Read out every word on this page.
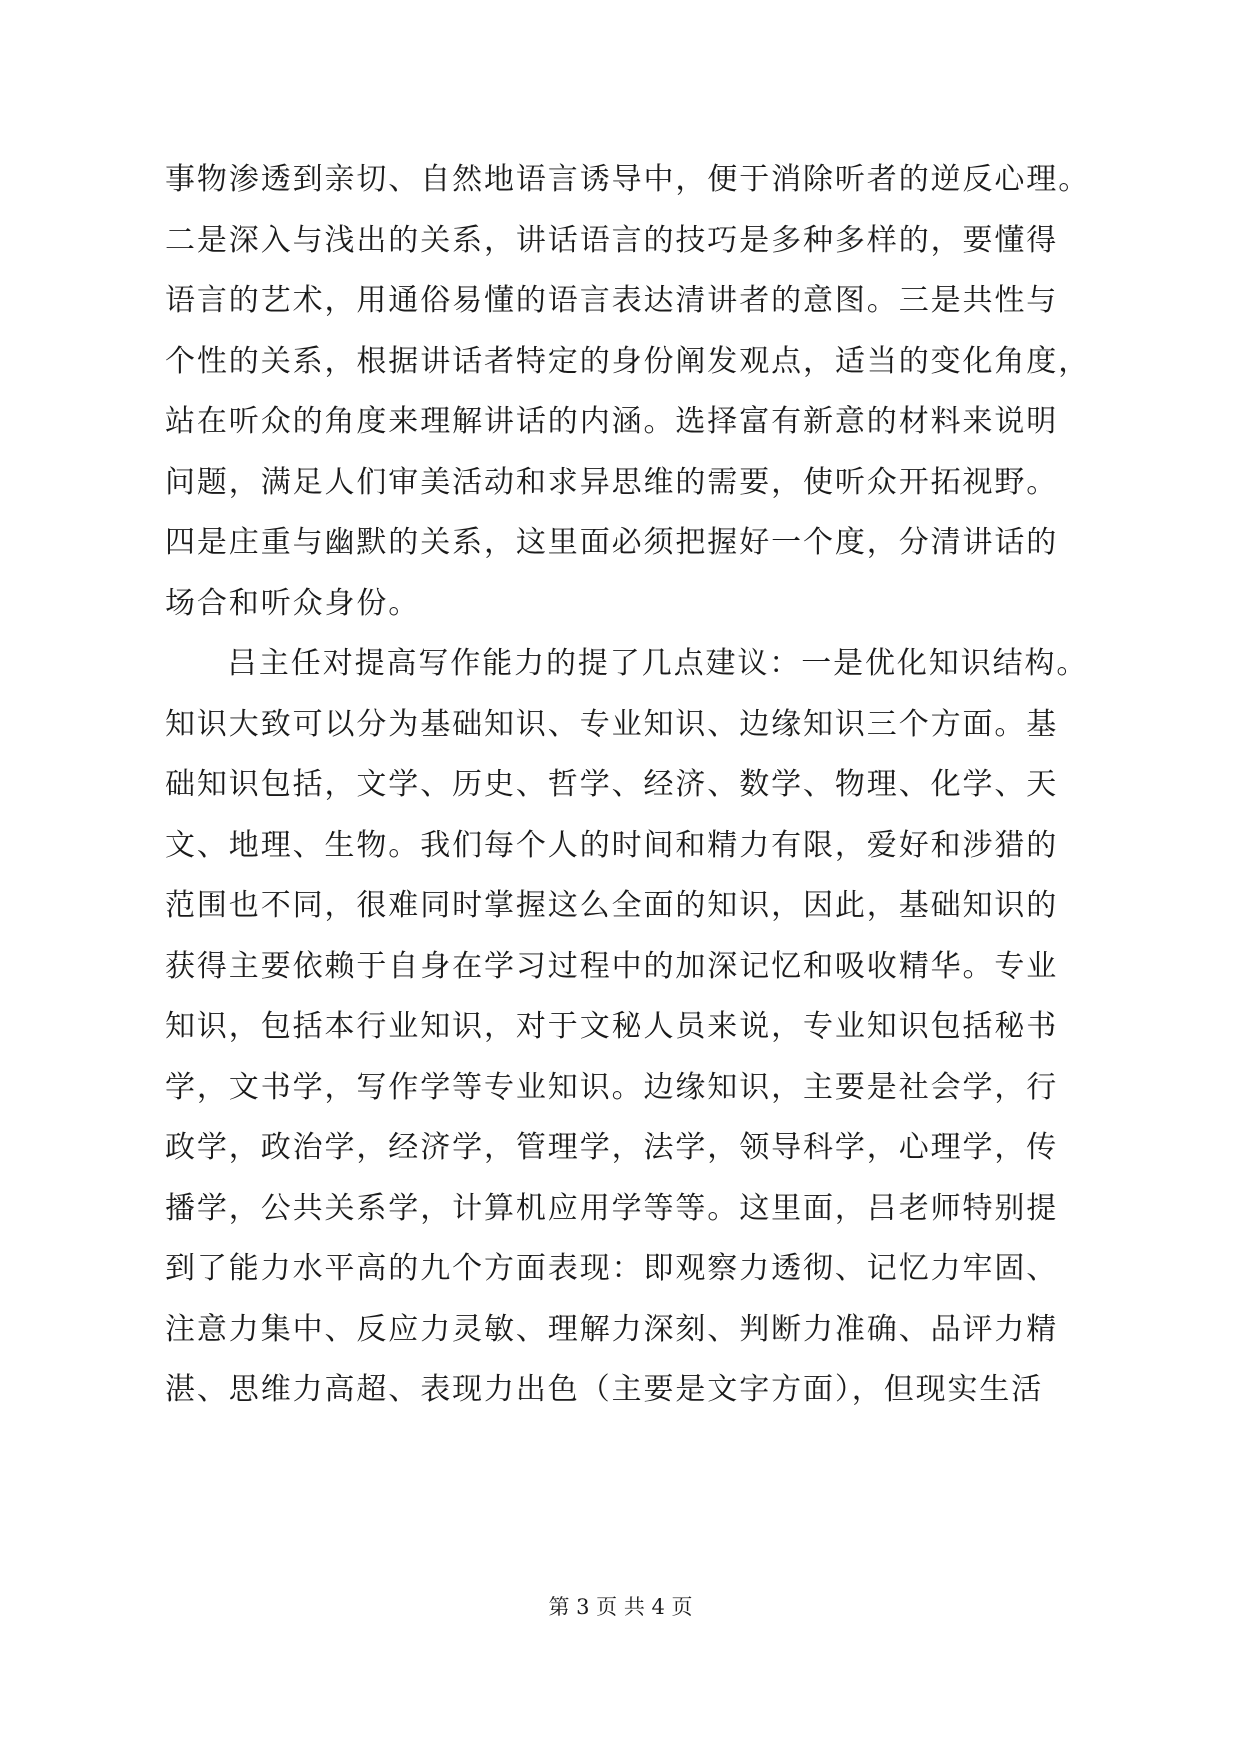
事物渗透到亲切、自然地语言诱导中，便于消除听者的逆反心理。
二是深入与浅出的关系，讲话语言的技巧是多种多样的，要懂得
语言的艺术，用通俗易懂的语言表达清讲者的意图。三是共性与
个性的关系，根据讲话者特定的身份阐发观点，适当的变化角度，
站在听众的角度来理解讲话的内涵。选择富有新意的材料来说明
问题，满足人们审美活动和求异思维的需要，使听众开拓视野。
四是庄重与幽默的关系，这里面必须把握好一个度，分清讲话的
场合和听众身份。
吕主任对提高写作能力的提了几点建议：一是优化知识结构。
知识大致可以分为基础知识、专业知识、边缘知识三个方面。基
础知识包括，文学、历史、哲学、经济、数学、物理、化学、天
文、地理、生物。我们每个人的时间和精力有限，爱好和涉猎的
范围也不同，很难同时掌握这么全面的知识，因此，基础知识的
获得主要依赖于自身在学习过程中的加深记忆和吸收精华。专业
知识，包括本行业知识，对于文秘人员来说，专业知识包括秘书
学，文书学，写作学等专业知识。边缘知识，主要是社会学，行
政学，政治学，经济学，管理学，法学，领导科学，心理学，传
播学，公共关系学，计算机应用学等等。这里面，吕老师特别提
到了能力水平高的九个方面表现：即观察力透彻、记忆力牢固、
注意力集中、反应力灵敏、理解力深刻、判断力准确、品评力精
湛、思维力高超、表现力出色（主要是文字方面），但现实生活
第 3 页 共 4 页
